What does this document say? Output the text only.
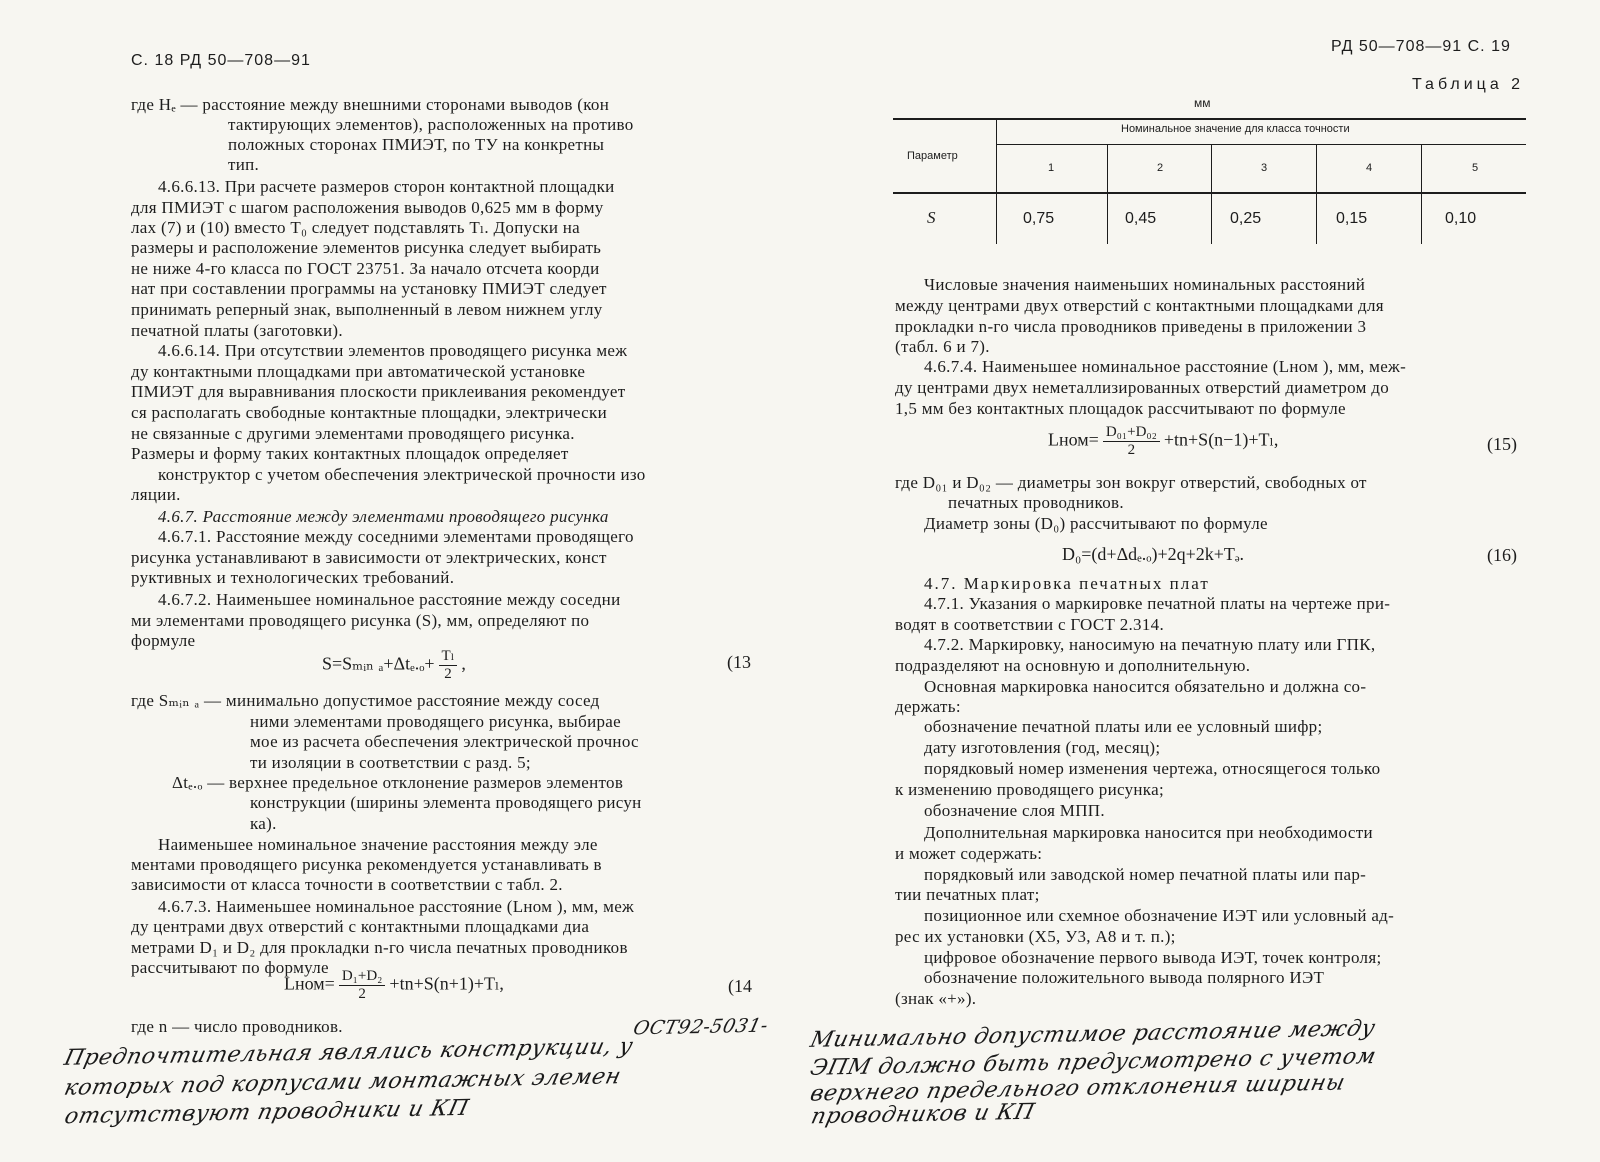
С. 18 РД 50—708—91
где Hₑ — расстояние между внешними сторонами выводов (кон
тактирующих элементов), расположенных на противо
положных сторонах ПМИЭТ, по ТУ на конкретны
тип.
4.6.6.13. При расчете размеров сторон контактной площадки
для ПМИЭТ с шагом расположения выводов 0,625 мм в форму
лах (7) и (10) вместо T₀ следует подставлять Tₗ. Допуски на
размеры и расположение элементов рисунка следует выбирать
не ниже 4-го класса по ГОСТ 23751. За начало отсчета коорди
нат при составлении программы на установку ПМИЭТ следует
принимать реперный знак, выполненный в левом нижнем углу
печатной платы (заготовки).
4.6.6.14. При отсутствии элементов проводящего рисунка меж
ду контактными площадками при автоматической установке
ПМИЭТ для выравнивания плоскости приклеивания рекомендует
ся располагать свободные контактные площадки, электрически
не связанные с другими элементами проводящего рисунка.
Размеры и форму таких контактных площадок определяет
конструктор с учетом обеспечения электрической прочности изо
ляции.
4.6.7. Расстояние между элементами проводящего рисунка
4.6.7.1. Расстояние между соседними элементами проводящего
рисунка устанавливают в зависимости от электрических, конст
руктивных и технологических требований.
4.6.7.2. Наименьшее номинальное расстояние между соседни
ми элементами проводящего рисунка (S), мм, определяют по
формуле
где Sₘᵢₙ ₐ — минимально допустимое расстояние между сосед
ними элементами проводящего рисунка, выбирае
мое из расчета обеспечения электрической прочнос
ти изоляции в соответствии с разд. 5;
Δtₑ.ₒ — верхнее предельное отклонение размеров элементов
конструкции (ширины элемента проводящего рисун
ка).
Наименьшее номинальное значение расстояния между эле
ментами проводящего рисунка рекомендуется устанавливать в
зависимости от класса точности в соответствии с табл. 2.
4.6.7.3. Наименьшее номинальное расстояние (Lном ), мм, меж
ду центрами двух отверстий с контактными площадками диа
метрами D₁ и D₂ для прокладки n-го числа печатных проводников
рассчитывают по формуле
где n — число проводников.
S=Sₘᵢₙ $_a+\Delta t_e._o+ \frac{\text{Tₗ}}{2}$ ,	(13
Lном= $\frac{\text{D₁+D₂}}{2} +tn+S(n+1)+T_l$,	(14
ОСТ92-5031-
Предпочтительная являлись конструкции, у
которых под корпусами монтажных элемен
отсутствуют проводники и КП
РД 50—708—91 С. 19
Таблица 2
мм
Параметр
Номинальное значение для класса точности
1	2	3	4	5
S	0,75	0,45	0,25	0,15	0,10
Числовые значения наименьших номинальных расстояний
между центрами двух отверстий с контактными площадками для
прокладки n-го числа проводников приведены в приложении 3
(табл. 6 и 7).
4.6.7.4. Наименьшее номинальное расстояние (Lном ), мм, меж-
ду центрами двух неметаллизированных отверстий диаметром до
1,5 мм без контактных площадок рассчитывают по формуле
где D₀₁ и D₀₂ — диаметры зон вокруг отверстий, свободных от
печатных проводников.
Диаметр зоны (D₀) рассчитывают по формуле
4.7. Маркировка печатных плат
4.7.1. Указания о маркировке печатной платы на чертеже при-
водят в соответствии с ГОСТ 2.314.
4.7.2. Маркировку, наносимую на печатную плату или ГПК,
подразделяют на основную и дополнительную.
Основная маркировка наносится обязательно и должна со-
держать:
обозначение печатной платы или ее условный шифр;
дату изготовления (год, месяц);
порядковый номер изменения чертежа, относящегося только
к изменению проводящего рисунка;
обозначение слоя МПП.
Дополнительная маркировка наносится при необходимости
и может содержать:
порядковый или заводской номер печатной платы или пар-
тии печатных плат;
позиционное или схемное обозначение ИЭТ или условный ад-
рес их установки (Х5, У3, А8 и т. п.);
цифровое обозначение первого вывода ИЭТ, точек контроля;
обозначение положительного вывода полярного ИЭТ
(знак «+»).
Lном= $\frac{\text{D₀₁+D₀₂}}{2} +tn+S(n-1)+T_l$,	(15)
D₀=(d+Δdₑ.ₒ)+2q+2k+Tₔ.	(16)
Минимально допустимое расстояние между
ЭПМ должно быть предусмотрено с учетом
верхнего предельного отклонения ширины
проводников и КП
